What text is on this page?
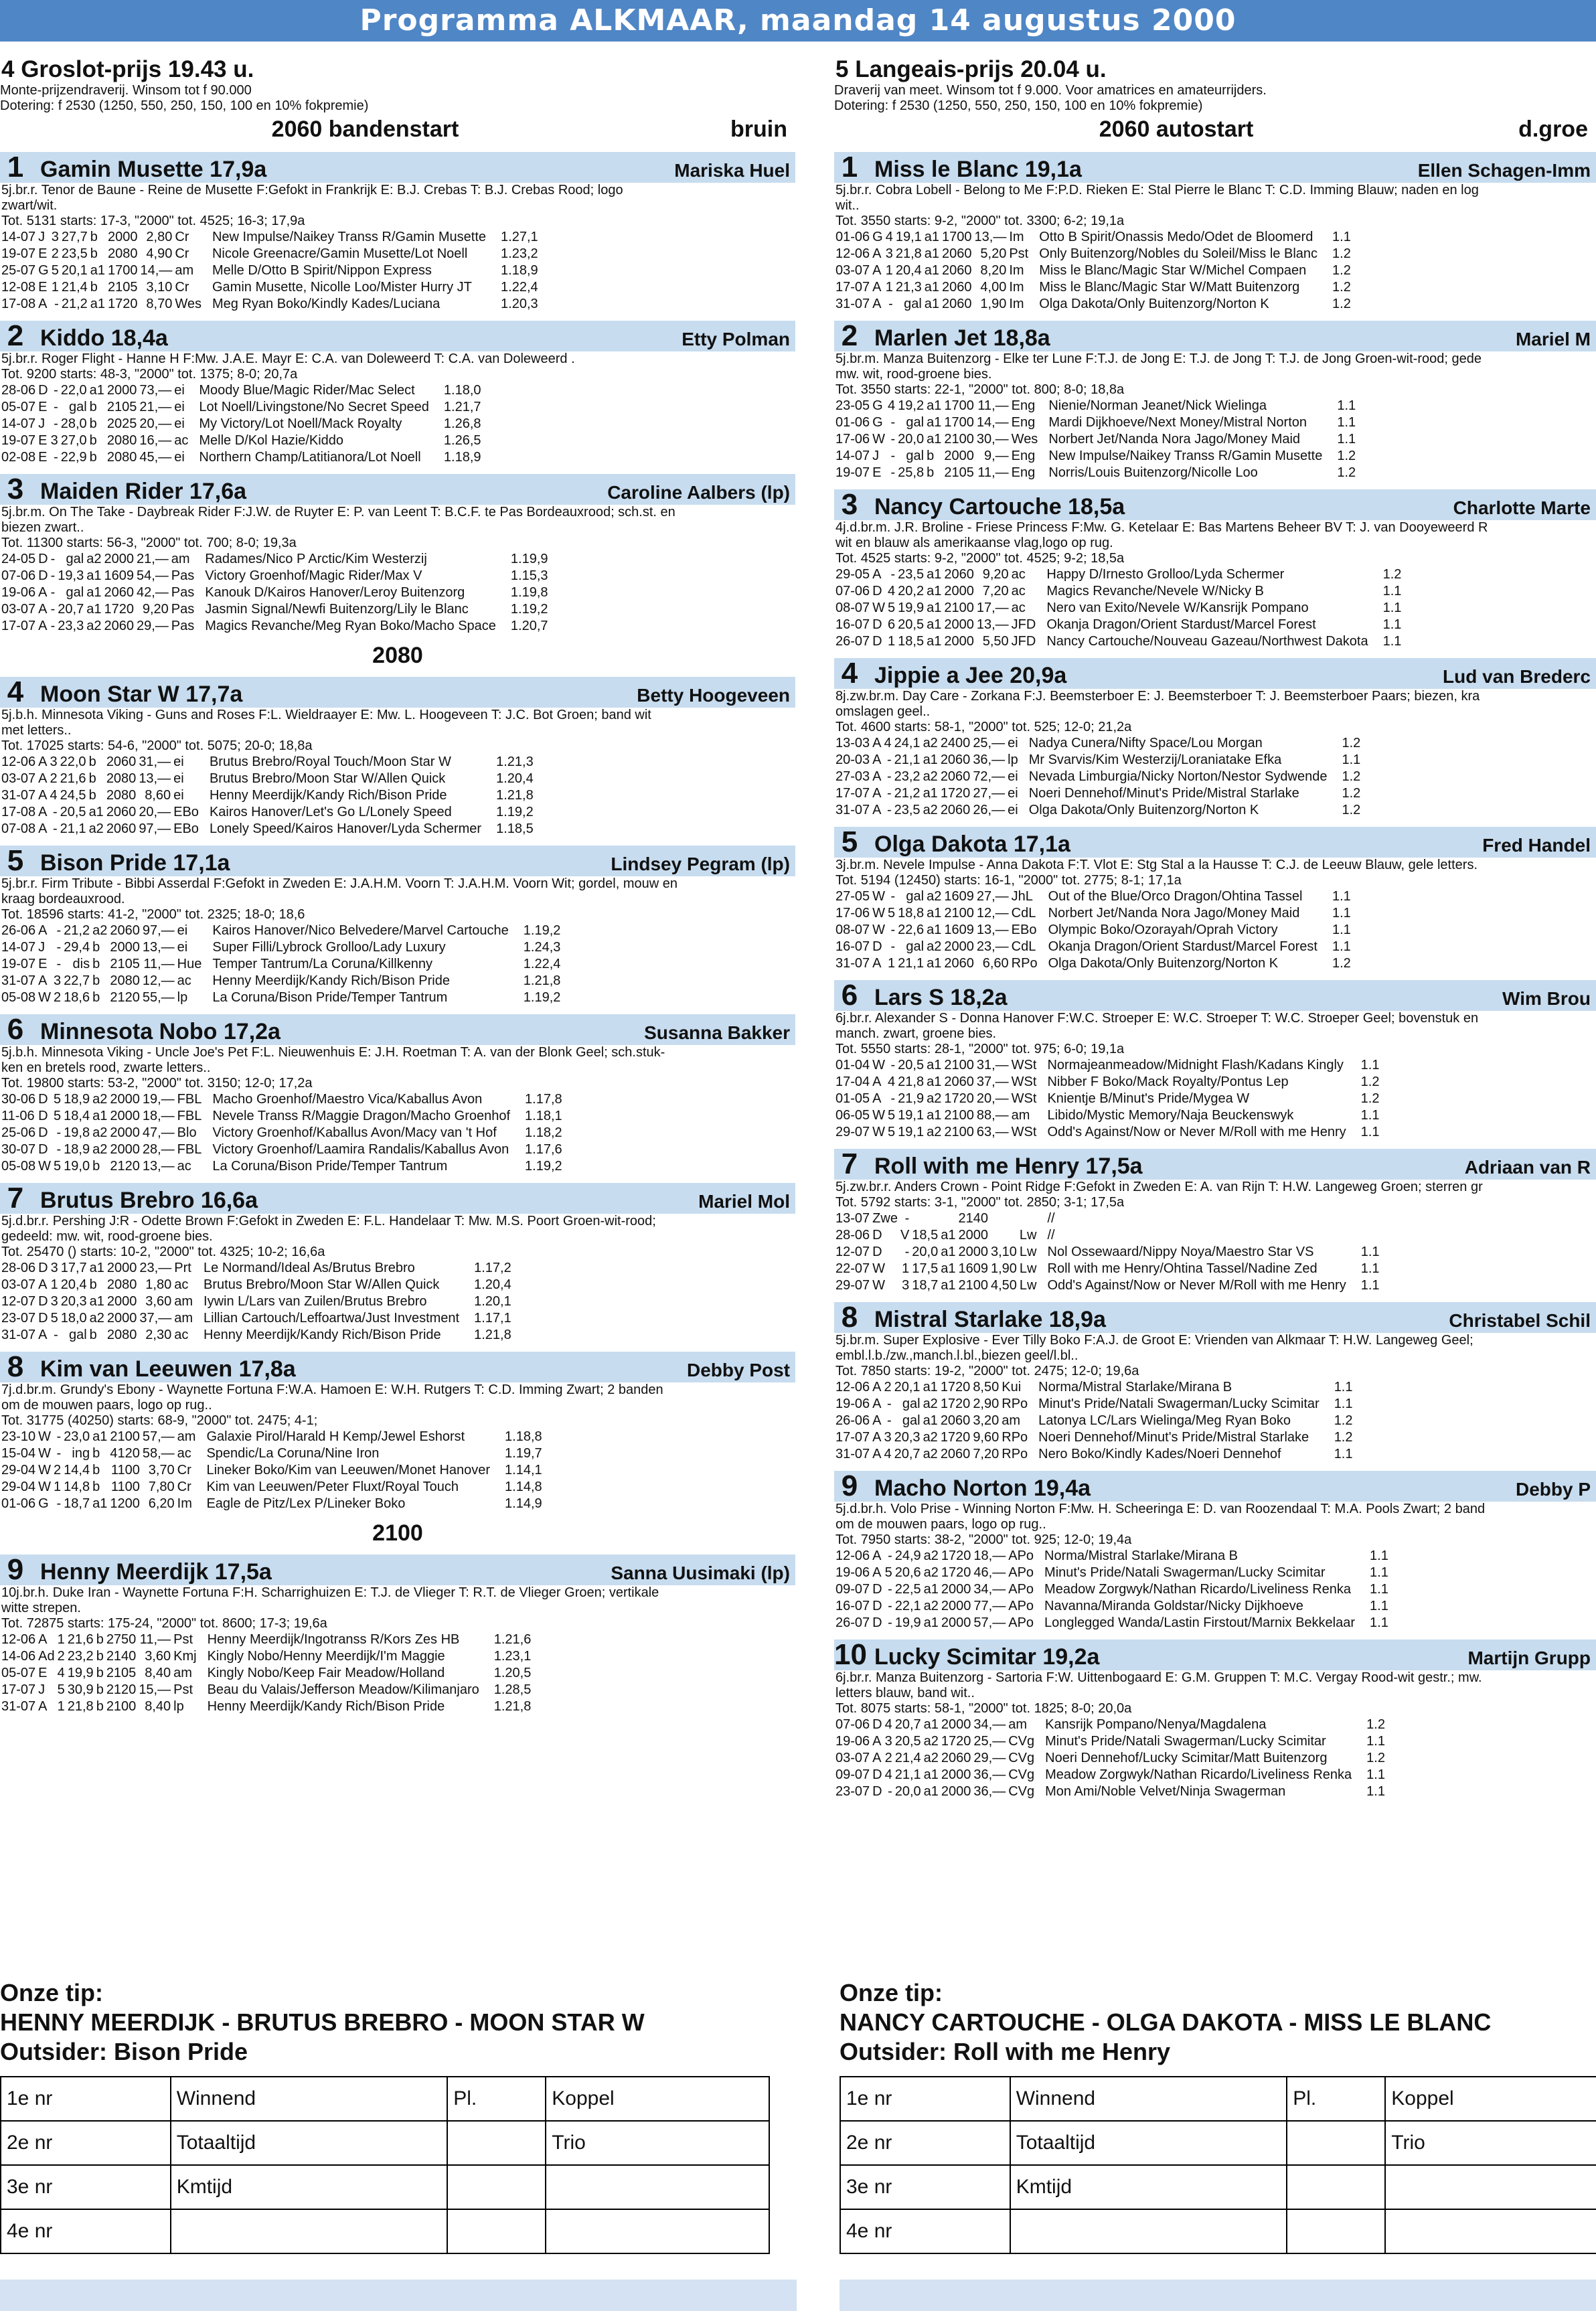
Programma ALKMAAR, maandag 14 augustus 2000
4 Groslot-prijs 19.43 u.
Monte-prijzendraverij. Winsom tot f 90.000
Dotering: f 2530 (1250, 550, 250, 150, 100 en 10% fokpremie)
2060 bandenstart	bruin
1 Gamin Musette 17,9a	Mariska Huel
5j.br.r. Tenor de Baune - Reine de Musette F:Gefokt in Frankrijk E: B.J. Crebas T: B.J. Crebas Rood; logo
zwart/wit.
Tot. 5131 starts: 17-3, "2000" tot. 4525; 16-3; 17,9a
14-07	J	3	27,7	b	2000	2,80	Cr	New Impulse/Naikey Transs R/Gamin Musette	1.27,1
19-07	E	2	23,5	b	2080	4,90	Cr	Nicole Greenacre/Gamin Musette/Lot Noell	1.23,2
25-07	G	5	20,1	a1	1700	14,—	am	Melle D/Otto B Spirit/Nippon Express	1.18,9
12-08	E	1	21,4	b	2105	3,10	Cr	Gamin Musette, Nicolle Loo/Mister Hurry JT	1.22,4
17-08	A	-	21,2	a1	1720	8,70	Wes	Meg Ryan Boko/Kindly Kades/Luciana	1.20,3
2 Kiddo 18,4a	Etty Polman
5j.br.r. Roger Flight - Hanne H F:Mw. J.A.E. Mayr E: C.A. van Doleweerd T: C.A. van Doleweerd .
Tot. 9200 starts: 48-3, "2000" tot. 1375; 8-0; 20,7a
28-06	D	-	22,0	a1	2000	73,—	ei	Moody Blue/Magic Rider/Mac Select	1.18,0
05-07	E	-	gal	b	2105	21,—	ei	Lot Noell/Livingstone/No Secret Speed	1.21,7
14-07	J	-	28,0	b	2025	20,—	ei	My Victory/Lot Noell/Mack Royalty	1.26,8
19-07	E	3	27,0	b	2080	16,—	ac	Melle D/Kol Hazie/Kiddo	1.26,5
02-08	E	-	22,9	b	2080	45,—	ei	Northern Champ/Latitianora/Lot Noell	1.18,9
3 Maiden Rider 17,6a	Caroline Aalbers (lp)
5j.br.m. On The Take - Daybreak Rider F:J.W. de Ruyter E: P. van Leent T: B.C.F. te Pas Bordeauxrood; sch.st. en
biezen zwart..
Tot. 11300 starts: 56-3, "2000" tot. 700; 8-0; 19,3a
24-05	D	-	gal	a2	2000	21,—	am	Radames/Nico P Arctic/Kim Westerzij	1.19,9
07-06	D	-	19,3	a1	1609	54,—	Pas	Victory Groenhof/Magic Rider/Max V	1.15,3
19-06	A	-	gal	a1	2060	42,—	Pas	Kanouk D/Kairos Hanover/Leroy Buitenzorg	1.19,8
03-07	A	-	20,7	a1	1720	9,20	Pas	Jasmin Signal/Newfi Buitenzorg/Lily le Blanc	1.19,2
17-07	A	-	23,3	a2	2060	29,—	Pas	Magics Revanche/Meg Ryan Boko/Macho Space	1.20,7
2080
4 Moon Star W 17,7a	Betty Hoogeveen
5j.b.h. Minnesota Viking - Guns and Roses F:L. Wieldraayer E: Mw. L. Hoogeveen T: J.C. Bot Groen; band wit
met letters..
Tot. 17025 starts: 54-6, "2000" tot. 5075; 20-0; 18,8a
12-06	A	3	22,0	b	2060	31,—	ei	Brutus Brebro/Royal Touch/Moon Star W	1.21,3
03-07	A	2	21,6	b	2080	13,—	ei	Brutus Brebro/Moon Star W/Allen Quick	1.20,4
31-07	A	4	24,5	b	2080	8,60	ei	Henny Meerdijk/Kandy Rich/Bison Pride	1.21,8
17-08	A	-	20,5	a1	2060	20,—	EBo	Kairos Hanover/Let's Go L/Lonely Speed	1.19,2
07-08	A	-	21,1	a2	2060	97,—	EBo	Lonely Speed/Kairos Hanover/Lyda Schermer	1.18,5
5 Bison Pride 17,1a	Lindsey Pegram (lp)
5j.br.r. Firm Tribute - Bibbi Asserdal F:Gefokt in Zweden E: J.A.H.M. Voorn T: J.A.H.M. Voorn Wit; gordel, mouw en
kraag bordeauxrood.
Tot. 18596 starts: 41-2, "2000" tot. 2325; 18-0; 18,6
26-06	A	-	21,2	a2	2060	97,—	ei	Kairos Hanover/Nico Belvedere/Marvel Cartouche	1.19,2
14-07	J	-	29,4	b	2000	13,—	ei	Super Filli/Lybrock Grolloo/Lady Luxury	1.24,3
19-07	E	-	dis	b	2105	11,—	Hue	Temper Tantrum/La Coruna/Killkenny	1.22,4
31-07	A	3	22,7	b	2080	12,—	ac	Henny Meerdijk/Kandy Rich/Bison Pride	1.21,8
05-08	W	2	18,6	b	2120	55,—	lp	La Coruna/Bison Pride/Temper Tantrum	1.19,2
6 Minnesota Nobo 17,2a	Susanna Bakker
5j.b.h. Minnesota Viking - Uncle Joe's Pet F:L. Nieuwenhuis E: J.H. Roetman T: A. van der Blonk Geel; sch.stuk-
ken en bretels rood, zwarte letters..
Tot. 19800 starts: 53-2, "2000" tot. 3150; 12-0; 17,2a
30-06	D	5	18,9	a2	2000	19,—	FBL	Macho Groenhof/Maestro Vica/Kaballus Avon	1.17,8
11-06	D	5	18,4	a1	2000	18,—	FBL	Nevele Transs R/Maggie Dragon/Macho Groenhof	1.18,1
25-06	D	-	19,8	a2	2000	47,—	Blo	Victory Groenhof/Kaballus Avon/Macy van 't Hof	1.18,2
30-07	D	-	18,9	a2	2000	28,—	FBL	Victory Groenhof/Laamira Randalis/Kaballus Avon	1.17,6
05-08	W	5	19,0	b	2120	13,—	ac	La Coruna/Bison Pride/Temper Tantrum	1.19,2
7 Brutus Brebro 16,6a	Mariel Mol
5j.d.br.r. Pershing J:R - Odette Brown F:Gefokt in Zweden E: F.L. Handelaar T: Mw. M.S. Poort Groen-wit-rood;
gedeeld: mw. wit, rood-groene bies.
Tot. 25470 () starts: 10-2, "2000" tot. 4325; 10-2; 16,6a
28-06	D	3	17,7	a1	2000	23,—	Prt	Le Normand/Ideal As/Brutus Brebro	1.17,2
03-07	A	1	20,4	b	2080	1,80	ac	Brutus Brebro/Moon Star W/Allen Quick	1.20,4
12-07	D	3	20,3	a1	2000	3,60	am	Iywin L/Lars van Zuilen/Brutus Brebro	1.20,1
23-07	D	5	18,0	a2	2000	37,—	am	Lillian Cartouch/Leffoartwa/Just Investment	1.17,1
31-07	A	-	gal	b	2080	2,30	ac	Henny Meerdijk/Kandy Rich/Bison Pride	1.21,8
8 Kim van Leeuwen 17,8a	Debby Post
7j.d.br.m. Grundy's Ebony - Waynette Fortuna F:W.A. Hamoen E: W.H. Rutgers T: C.D. Imming Zwart; 2 banden
om de mouwen paars, logo op rug..
Tot. 31775 (40250) starts: 68-9, "2000" tot. 2475; 4-1;
23-10	W	-	23,0	a1	2100	57,—	am	Galaxie Pirol/Harald H Kemp/Jewel Eshorst	1.18,8
15-04	W	-	ing	b	4120	58,—	ac	Spendic/La Coruna/Nine Iron	1.19,7
29-04	W	2	14,4	b	1100	3,70	Cr	Lineker Boko/Kim van Leeuwen/Monet Hanover	1.14,1
29-04	W	1	14,8	b	1100	7,80	Cr	Kim van Leeuwen/Peter Fluxt/Royal Touch	1.14,8
01-06	G	-	18,7	a1	1200	6,20	Im	Eagle de Pitz/Lex P/Lineker Boko	1.14,9
2100
9 Henny Meerdijk 17,5a	Sanna Uusimaki (lp)
10j.br.h. Duke Iran - Waynette Fortuna F:H. Scharrighuizen E: T.J. de Vlieger T: R.T. de Vlieger Groen; vertikale
witte strepen.
Tot. 72875 starts: 175-24, "2000" tot. 8600; 17-3; 19,6a
12-06	A	1	21,6	b	2750	11,—	Pst	Henny Meerdijk/Ingotranss R/Kors Zes HB	1.21,6
14-06	Ad	2	23,2	b	2140	3,60	Kmj	Kingly Nobo/Henny Meerdijk/I'm Maggie	1.23,1
05-07	E	4	19,9	b	2105	8,40	am	Kingly Nobo/Keep Fair Meadow/Holland	1.20,5
17-07	J	5	30,9	b	2120	15,—	Pst	Beau du Valais/Jefferson Meadow/Kilimanjaro	1.28,5
31-07	A	1	21,8	b	2100	8,40	lp	Henny Meerdijk/Kandy Rich/Bison Pride	1.21,8
5 Langeais-prijs 20.04 u.
Draverij van meet. Winsom tot f 9.000. Voor amatrices en amateurrijders.
Dotering: f 2530 (1250, 550, 250, 150, 100 en 10% fokpremie)
2060 autostart	d.groe
1 Miss le Blanc 19,1a	Ellen Schagen-Imm
5j.br.r. Cobra Lobell - Belong to Me F:P.D. Rieken E: Stal Pierre le Blanc T: C.D. Imming Blauw; naden en log
wit..
Tot. 3550 starts: 9-2, "2000" tot. 3300; 6-2; 19,1a
01-06	G	4	19,1	a1	1700	13,—	Im	Otto B Spirit/Onassis Medo/Odet de Bloomerd	1.1
12-06	A	3	21,8	a1	2060	5,20	Pst	Only Buitenzorg/Nobles du Soleil/Miss le Blanc	1.2
03-07	A	1	20,4	a1	2060	8,20	Im	Miss le Blanc/Magic Star W/Michel Compaen	1.2
17-07	A	1	21,3	a1	2060	4,00	Im	Miss le Blanc/Magic Star W/Matt Buitenzorg	1.2
31-07	A	-	gal	a1	2060	1,90	Im	Olga Dakota/Only Buitenzorg/Norton K	1.2
2 Marlen Jet 18,8a	Mariel M
5j.br.m. Manza Buitenzorg - Elke ter Lune F:T.J. de Jong E: T.J. de Jong T: T.J. de Jong Groen-wit-rood; gede
mw. wit, rood-groene bies.
Tot. 3550 starts: 22-1, "2000" tot. 800; 8-0; 18,8a
23-05	G	4	19,2	a1	1700	11,—	Eng	Nienie/Norman Jeanet/Nick Wielinga	1.1
01-06	G	-	gal	a1	1700	14,—	Eng	Mardi Dijkhoeve/Next Money/Mistral Norton	1.1
17-06	W	-	20,0	a1	2100	30,—	Wes	Norbert Jet/Nanda Nora Jago/Money Maid	1.1
14-07	J	-	gal	b	2000	9,—	Eng	New Impulse/Naikey Transs R/Gamin Musette	1.2
19-07	E	-	25,8	b	2105	11,—	Eng	Norris/Louis Buitenzorg/Nicolle Loo	1.2
3 Nancy Cartouche 18,5a	Charlotte Marte
4j.d.br.m. J.R. Broline - Friese Princess F:Mw. G. Ketelaar E: Bas Martens Beheer BV T: J. van Dooyeweerd R
wit en blauw als amerikaanse vlag,logo op rug.
Tot. 4525 starts: 9-2, "2000" tot. 4525; 9-2; 18,5a
29-05	A	-	23,5	a1	2060	9,20	ac	Happy D/Irnesto Grolloo/Lyda Schermer	1.2
07-06	D	4	20,2	a1	2000	7,20	ac	Magics Revanche/Nevele W/Nicky B	1.1
08-07	W	5	19,9	a1	2100	17,—	ac	Nero van Exito/Nevele W/Kansrijk Pompano	1.1
16-07	D	6	20,5	a1	2000	13,—	JFD	Okanja Dragon/Orient Stardust/Marcel Forest	1.1
26-07	D	1	18,5	a1	2000	5,50	JFD	Nancy Cartouche/Nouveau Gazeau/Northwest Dakota	1.1
4 Jippie a Jee 20,9a	Lud van Brederc
8j.zw.br.m. Day Care - Zorkana F:J. Beemsterboer E: J. Beemsterboer T: J. Beemsterboer Paars; biezen, kra
omslagen geel..
Tot. 4600 starts: 58-1, "2000" tot. 525; 12-0; 21,2a
13-03	A	4	24,1	a2	2400	25,—	ei	Nadya Cunera/Nifty Space/Lou Morgan	1.2
20-03	A	-	21,1	a1	2060	36,—	lp	Mr Svarvis/Kim Westerzij/Loraniatake Efka	1.1
27-03	A	-	23,2	a2	2060	72,—	ei	Nevada Limburgia/Nicky Norton/Nestor Sydwende	1.2
17-07	A	-	21,2	a1	1720	27,—	ei	Noeri Dennehof/Minut's Pride/Mistral Starlake	1.2
31-07	A	-	23,5	a2	2060	26,—	ei	Olga Dakota/Only Buitenzorg/Norton K	1.2
5 Olga Dakota 17,1a	Fred Handel
3j.br.m. Nevele Impulse - Anna Dakota F:T. Vlot E: Stg Stal a la Hausse T: C.J. de Leeuw Blauw, gele letters.
Tot. 5194 (12450) starts: 16-1, "2000" tot. 2775; 8-1; 17,1a
27-05	W	-	gal	a2	1609	27,—	JhL	Out of the Blue/Orco Dragon/Ohtina Tassel	1.1
17-06	W	5	18,8	a1	2100	12,—	CdL	Norbert Jet/Nanda Nora Jago/Money Maid	1.1
08-07	W	-	22,6	a1	1609	13,—	EBo	Olympic Boko/Ozorayah/Oprah Victory	1.1
16-07	D	-	gal	a2	2000	23,—	CdL	Okanja Dragon/Orient Stardust/Marcel Forest	1.1
31-07	A	1	21,1	a1	2060	6,60	RPo	Olga Dakota/Only Buitenzorg/Norton K	1.2
6 Lars S 18,2a	Wim Brou
6j.br.r. Alexander S - Donna Hanover F:W.C. Stroeper E: W.C. Stroeper T: W.C. Stroeper Geel; bovenstuk en
manch. zwart, groene bies.
Tot. 5550 starts: 28-1, "2000" tot. 975; 6-0; 19,1a
01-04	W	-	20,5	a1	2100	31,—	WSt	Normajeanmeadow/Midnight Flash/Kadans Kingly	1.1
17-04	A	4	21,8	a1	2060	37,—	WSt	Nibber F Boko/Mack Royalty/Pontus Lep	1.2
01-05	A	-	21,9	a2	1720	20,—	WSt	Knientje B/Minut's Pride/Mygea W	1.2
06-05	W	5	19,1	a1	2100	88,—	am	Libido/Mystic Memory/Naja Beuckenswyk	1.1
29-07	W	5	19,1	a2	2100	63,—	WSt	Odd's Against/Now or Never M/Roll with me Henry	1.1
7 Roll with me Henry 17,5a	Adriaan van R
5j.zw.br.r. Anders Crown - Point Ridge F:Gefokt in Zweden E: A. van Rijn T: H.W. Langeweg Groen; sterren gr
Tot. 5792 starts: 3-1, "2000" tot. 2850; 3-1; 17,5a
13-07	Zwe	-			2140			//	
28-06	D	V	18,5	a1	2000		Lw	//	
12-07	D	-	20,0	a1	2000	3,10	Lw	Nol Ossewaard/Nippy Noya/Maestro Star VS	1.1
22-07	W	1	17,5	a1	1609	1,90	Lw	Roll with me Henry/Ohtina Tassel/Nadine Zed	1.1
29-07	W	3	18,7	a1	2100	4,50	Lw	Odd's Against/Now or Never M/Roll with me Henry	1.1
8 Mistral Starlake 18,9a	Christabel Schil
5j.br.m. Super Explosive - Ever Tilly Boko F:A.J. de Groot E: Vrienden van Alkmaar T: H.W. Langeweg Geel;
embl.l.b./zw.,manch.l.bl.,biezen geel/l.bl..
Tot. 7850 starts: 19-2, "2000" tot. 2475; 12-0; 19,6a
12-06	A	2	20,1	a1	1720	8,50	Kui	Norma/Mistral Starlake/Mirana B	1.1
19-06	A	-	gal	a2	1720	2,90	RPo	Minut's Pride/Natali Swagerman/Lucky Scimitar	1.1
26-06	A	-	gal	a1	2060	3,20	am	Latonya LC/Lars Wielinga/Meg Ryan Boko	1.2
17-07	A	3	20,3	a2	1720	9,60	RPo	Noeri Dennehof/Minut's Pride/Mistral Starlake	1.2
31-07	A	4	20,7	a2	2060	7,20	RPo	Nero Boko/Kindly Kades/Noeri Dennehof	1.1
9 Macho Norton 19,4a	Debby P
5j.d.br.h. Volo Prise - Winning Norton F:Mw. H. Scheeringa E: D. van Roozendaal T: M.A. Pools Zwart; 2 band
om de mouwen paars, logo op rug..
Tot. 7950 starts: 38-2, "2000" tot. 925; 12-0; 19,4a
12-06	A	-	24,9	a2	1720	18,—	APo	Norma/Mistral Starlake/Mirana B	1.1
19-06	A	5	20,6	a2	1720	46,—	APo	Minut's Pride/Natali Swagerman/Lucky Scimitar	1.1
09-07	D	-	22,5	a1	2000	34,—	APo	Meadow Zorgwyk/Nathan Ricardo/Liveliness Renka	1.1
16-07	D	-	22,1	a2	2000	77,—	APo	Navanna/Miranda Goldstar/Nicky Dijkhoeve	1.1
26-07	D	-	19,9	a1	2000	57,—	APo	Longlegged Wanda/Lastin Firstout/Marnix Bekkelaar	1.1
10 Lucky Scimitar 19,2a	Martijn Grupp
6j.br.r. Manza Buitenzorg - Sartoria F:W. Uittenbogaard E: G.M. Gruppen T: M.C. Vergay Rood-wit gestr.; mw.
letters blauw, band wit..
Tot. 8075 starts: 58-1, "2000" tot. 1825; 8-0; 20,0a
07-06	D	4	20,7	a1	2000	34,—	am	Kansrijk Pompano/Nenya/Magdalena	1.2
19-06	A	3	20,5	a2	1720	25,—	CVg	Minut's Pride/Natali Swagerman/Lucky Scimitar	1.1
03-07	A	2	21,4	a2	2060	29,—	CVg	Noeri Dennehof/Lucky Scimitar/Matt Buitenzorg	1.2
09-07	D	4	21,1	a1	2000	36,—	CVg	Meadow Zorgwyk/Nathan Ricardo/Liveliness Renka	1.1
23-07	D	-	20,0	a1	2000	36,—	CVg	Mon Ami/Noble Velvet/Ninja Swagerman	1.1
Onze tip:
HENNY MEERDIJK - BRUTUS BREBRO - MOON STAR W
Outsider: Bison Pride
1e nr	Winnend	Pl.	Koppel
2e nr	Totaaltijd		Trio
3e nr	Kmtijd		
4e nr			
Onze tip:
NANCY CARTOUCHE - OLGA DAKOTA - MISS LE BLANC
Outsider: Roll with me Henry
1e nr	Winnend	Pl.	Koppel
2e nr	Totaaltijd		Trio
3e nr	Kmtijd		
4e nr			
